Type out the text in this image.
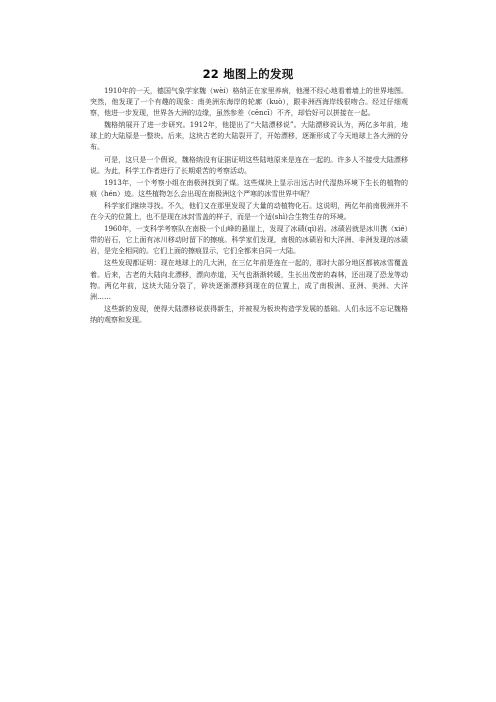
22 地图上的发现

1910年的一天，德国气象学家魏（wèi）格纳正在家里养病，他漫不经心地看着墙上的世界地图。突然，他发现了一个有趣的现象：南美洲东海岸的轮廓（kuò），跟非洲西海岸线很吻合。经过仔细观察，他进一步发现，世界各大洲的边缘，虽然参差（cēncī）不齐，却恰好可以拼接在一起。

魏格纳展开了进一步研究。1912年，他提出了“大陆漂移说”。大陆漂移说认为，两亿多年前，地球上的大陆原是一整块。后来，这块古老的大陆裂开了，开始漂移，逐渐形成了今天地球上各大洲的分布。

可是，这只是一个假说，魏格纳没有证据证明这些陆地原来是连在一起的。许多人不接受大陆漂移说。为此，科学工作者进行了长期艰苦的考察活动。

1913年，一个考察小组在南极洲找到了煤。这些煤块上显示出远古时代湿热环境下生长的植物的痕（hén）迹。这些植物怎么会出现在南极洲这个严寒的冰雪世界中呢？

科学家们继续寻找。不久，他们又在那里发现了大量的动植物化石。这说明，两亿年前南极洲并不在今天的位置上，也不是现在冰封雪盖的样子，而是一个适(shì)合生物生存的环境。

1960年，一支科学考察队在南极一个山峰的悬崖上，发现了冰碛(qì)岩。冰碛岩就是冰川携（xié）带的岩石，它上面有冰川移动时留下的擦痕。科学家们发现，南极的冰碛岩和大洋洲、非洲发现的冰碛岩，是完全相同的。它们上面的擦痕显示，它们全都来自同一大陆。

这些发现都证明：现在地球上的几大洲，在三亿年前是连在一起的，那时大部分地区都被冰雪覆盖着。后来，古老的大陆向北漂移，漂向赤道，天气也渐渐转暖，生长出茂密的森林，还出现了恐龙等动物。两亿年前，这块大陆分裂了，碎块逐渐漂移到现在的位置上，成了南极洲、亚洲、美洲、大洋洲……

这些新的发现，使得大陆漂移说获得新生，并被视为板块构造学发展的基础。人们永远不忘记魏格纳的观察和发现。
